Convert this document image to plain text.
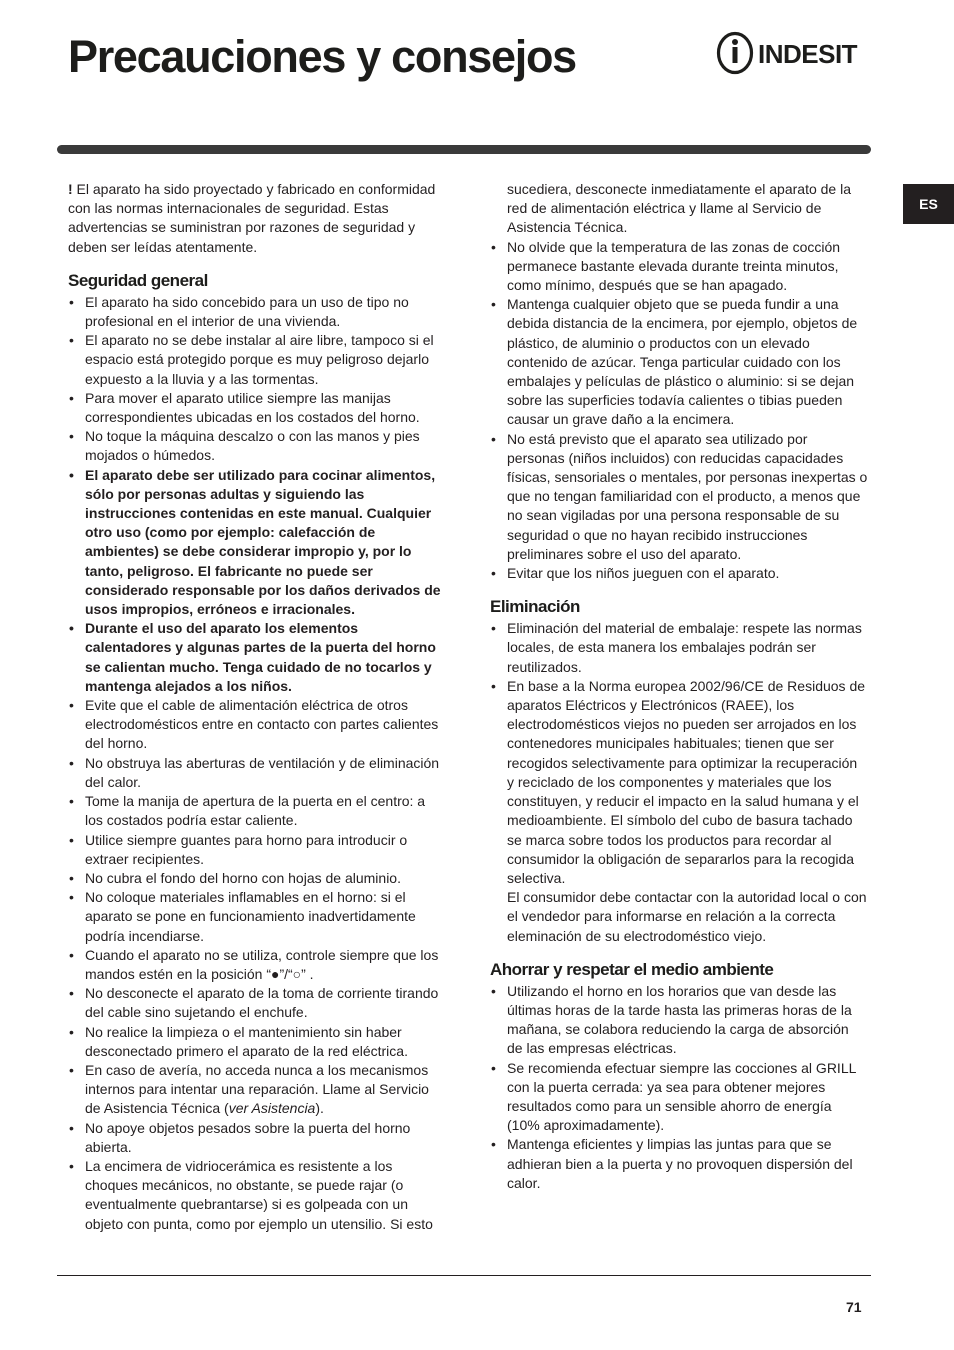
Precauciones y consejos	INDESIT
ES

! El aparato ha sido proyectado y fabricado en conformidad con las normas internacionales de seguridad. Estas advertencias se suministran por razones de seguridad y deben ser leídas atentamente.

Seguridad general
• El aparato ha sido concebido para un uso de tipo no profesional en el interior de una vivienda.
• El aparato no se debe instalar al aire libre, tampoco si el espacio está protegido porque es muy peligroso dejarlo expuesto a la lluvia y a las tormentas.
• Para mover el aparato utilice siempre las manijas correspondientes ubicadas en los costados del horno.
• No toque la máquina descalzo o con las manos y pies mojados o húmedos.
• El aparato debe ser utilizado para cocinar alimentos, sólo por personas adultas y siguiendo las instrucciones contenidas en este manual. Cualquier otro uso (como por ejemplo: calefacción de ambientes) se debe considerar impropio y, por lo tanto, peligroso. El fabricante no puede ser considerado responsable por los daños derivados de usos impropios, erróneos e irracionales.
• Durante el uso del aparato los elementos calentadores y algunas partes de la puerta del horno se calientan mucho. Tenga cuidado de no tocarlos y mantenga alejados a los niños.
• Evite que el cable de alimentación eléctrica de otros electrodomésticos entre en contacto con partes calientes del horno.
• No obstruya las aberturas de ventilación y de eliminación del calor.
• Tome la manija de apertura de la puerta en el centro: a los costados podría estar caliente.
• Utilice siempre guantes para horno para introducir o extraer recipientes.
• No cubra el fondo del horno con hojas de aluminio.
• No coloque materiales inflamables en el horno: si el aparato se pone en funcionamiento inadvertidamente podría incendiarse.
• Cuando el aparato no se utiliza, controle siempre que los mandos estén en la posición “●”/“○” .
• No desconecte el aparato de la toma de corriente tirando del cable sino sujetando el enchufe.
• No realice la limpieza o el mantenimiento sin haber desconectado primero el aparato de la red eléctrica.
• En caso de avería, no acceda nunca a los mecanismos internos para intentar una reparación. Llame al Servicio de Asistencia Técnica (ver Asistencia).
• No apoye objetos pesados sobre la puerta del horno abierta.
• La encimera de vidriocerámica es resistente a los choques mecánicos, no obstante, se puede rajar (o eventualmente quebrantarse) si es golpeada con un objeto con punta, como por ejemplo un utensilio. Si esto
sucediera, desconecte inmediatamente el aparato de la red de alimentación eléctrica y llame al Servicio de Asistencia Técnica.
• No olvide que la temperatura de las zonas de cocción permanece bastante elevada durante treinta minutos, como mínimo, después que se han apagado.
• Mantenga cualquier objeto que se pueda fundir a una debida distancia de la encimera, por ejemplo, objetos de plástico, de aluminio o productos con un elevado contenido de azúcar. Tenga particular cuidado con los embalajes y películas de plástico o aluminio: si se dejan sobre las superficies todavía calientes o tibias pueden causar un grave daño a la encimera.
• No está previsto que el aparato sea utilizado por personas (niños incluidos) con reducidas capacidades físicas, sensoriales o mentales, por personas inexpertas o que no tengan familiaridad con el producto, a menos que no sean vigiladas por una persona responsable de su seguridad o que no hayan recibido instrucciones preliminares sobre el uso del aparato.
• Evitar que los niños jueguen con el aparato.
Eliminación
• Eliminación del material de embalaje: respete las normas locales, de esta manera los embalajes podrán ser reutilizados.
• En base a la Norma europea 2002/96/CE de Residuos de aparatos Eléctricos y Electrónicos (RAEE), los electrodomésticos viejos no pueden ser arrojados en los contenedores municipales habituales; tienen que ser recogidos selectivamente para optimizar la recuperación y reciclado de los componentes y materiales que los constituyen, y reducir el impacto en la salud humana y el medioambiente. El símbolo del cubo de basura tachado se marca sobre todos los productos para recordar al consumidor la obligación de separarlos para la recogida selectiva.
El consumidor debe contactar con la autoridad local o con el vendedor para informarse en relación a la correcta eleminación de su electrodoméstico viejo.
Ahorrar y respetar el medio ambiente
• Utilizando el horno en los horarios que van desde las últimas horas de la tarde hasta las primeras horas de la mañana, se colabora reduciendo la carga de absorción de las empresas eléctricas.
• Se recomienda efectuar siempre las cocciones al GRILL con la puerta cerrada: ya sea para obtener mejores resultados como para un sensible ahorro de energía (10% aproximadamente).
• Mantenga eficientes y limpias las juntas para que se adhieran bien a la puerta y no provoquen dispersión del calor.
71
